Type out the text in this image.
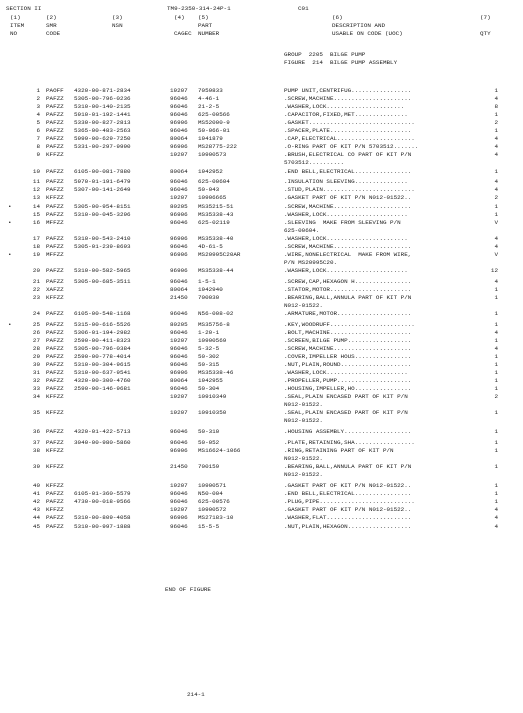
SECTION II	TM9-2350-314-24P-1	C01
(1)	(2)	(3)	(4) (5)	(6)	(7)
ITEM	SMR	NSN	PART	DESCRIPTION AND
NO	CODE	CAGEC NUMBER	USABLE ON CODE (UOC)	QTY
GROUP  2205  BILGE PUMP
FIGURE  214  BILGE PUMP ASSEMBLY
1 PAOFF 4320-00-871-2834	19207 7059833	PUMP UNIT,CENTRIFUG.................	1
2 PAFZZ 5305-00-796-0236	96046 4-46-1	.SCREW,MACHINE......................	4
3 PAFZZ 5310-00-140-2135	96046 21-2-5	.WASHER,LOCK......................	8
4 PAFZZ 5910-01-192-1441	96046 625-00566	.CAPACITOR,FIXED,MET...............	1
5 PAFZZ 5330-00-827-2813	96906 MS52000-9	.GASKET..............................	2
6 PAFZZ 5365-00-483-2563	96046 50-066-01	.SPACER,PLATE.......................	1
7 PAFZZ 5999-00-629-7250	80064 1941879	.CAP,ELECTRICAL......................	4
8 PAFZZ 5331-00-297-9990	96906 MS28775-222	.O-RING PART OF KIT P/N 5703512.......	4
9 KFFZZ	19207 10900573	.BRUSH,ELECTRICAL CO PART OF KIT P/N	4
5703512..........
10 PAFZZ 6105-00-081-7880	80064 1942952	.END BELL,ELECTRICAL................	1
11 PAFZZ 5970-01-191-6479	96046 625-00604	.INSULATION SLEEVING...............	4
12 PAFZZ 5307-00-141-2649	96046 50-043	.STUD,PLAIN..........................	4
13 KFFZZ	19207 10906665	.GASKET PART OF KIT P/N N012-01522..	2
•	14 PAFZZ 5305-00-954-8151	80205 MS35215-51	.SCREW,MACHINE......................	1
15 PAFZZ 5310-00-045-3296	96906 MS35338-43	.WASHER,LOCK.......................	1
•	16 MFFZZ	96046 625-02119	.SLEEVING  MAKE FROM SLEEVING P/N	V
625-00604.
17 PAFZZ 5310-00-543-2410	96906 MS35338-40	.WASHER,LOCK.......................	4
18 PAFZZ 5305-01-239-8693	96046 4D-61-5	.SCREW,MACHINE......................	4
•	19 MFFZZ	96906 MS20995C20AR	.WIRE,NONELECTRICAL  MAKE FROM WIRE,	V
P/N MS20995C20.
20 PAFZZ 5310-00-582-5965	96906 MS35338-44	.WASHER,LOCK.......................	12
21 PAFZZ 5305-00-685-3511	96046 1-5-1	.SCREW,CAP,HEXAGON H................	4
22 XAFZZ	80064 1942940	.STATOR,MOTOR.......................	1
23 KFFZZ	21450 700030	.BEARING,BALL,ANNULA PART OF KIT P/N	1
N012-01522.
24 PAFZZ 6105-00-548-1168	96046 N56-008-02	.ARMATURE,MOTOR.....................	1
•	25 PAFZZ 5315-00-616-5526	80205 MS35756-8	.KEY,WOODRUFF........................	1
26 PAFZZ 5306-01-194-2982	96046 1-20-1	.BOLT,MACHINE.......................	4
27 PAFZZ 2590-00-411-8323	19207 10900569	.SCREEN,BILGE PUMP..................	1
28 PAFZZ 5305-00-796-0384	96046 5-32-5	.SCREW,MACHINE......................	4
29 PAFZZ 2590-00-778-4014	96046 50-302	.COVER,IMPELLER HOUS................	1
30 PAFZZ 5310-00-304-9615	96046 50-315	.NUT,PLAIN,ROUND....................	1
31 PAFZZ 5310-00-637-9541	96906 MS35338-46	.WASHER,LOCK.......................	1
32 PAFZZ 4320-00-300-4760	80064 1942955	.PROPELLER,PUMP.....................	1
33 PAFZZ 2590-00-146-9681	96046 50-304	.HOUSING,IMPELLER,HO................	1
34 KFFZZ	19207 10910349	.SEAL,PLAIN ENCASED PART OF KIT P/N	2
N012-01522.
35 KFFZZ	19207 10910350	.SEAL,PLAIN ENCASED PART OF KIT P/N	1
N012-01522.
36 PAFZZ 4320-01-422-5713	96046 50-310	.HOUSING ASSEMBLY...................	1
37 PAFZZ 3040-00-980-5860	96046 50-052	.PLATE,RETAINING,SHA.................	1
38 KFFZZ	96906 MS16624-1066	.RING,RETAINING PART OF KIT P/N	1
N012-01522.
39 KFFZZ	21450 700159	.BEARING,BALL,ANNULA PART OF KIT P/N	1
N012-01522.
40 KFFZZ	19207 10900571	.GASKET PART OF KIT P/N N012-01522..	1
41 PAFZZ 6105-01-360-5579	96046 N50-004	.END BELL,ELECTRICAL................	1
42 PAFZZ 4730-00-018-9566	96046 625-00576	.PLUG,PIPE...........................	1
43 KFFZZ	19207 10900572	.GASKET PART OF KIT P/N N012-01522..	4
44 PAFZZ 5310-00-809-4058	96906 MS27183-10	.WASHER,FLAT........................	4
45 PAFZZ 5310-00-997-1888	96046 15-5-5	.NUT,PLAIN,HEXAGON..................	4
END OF FIGURE
214-1
